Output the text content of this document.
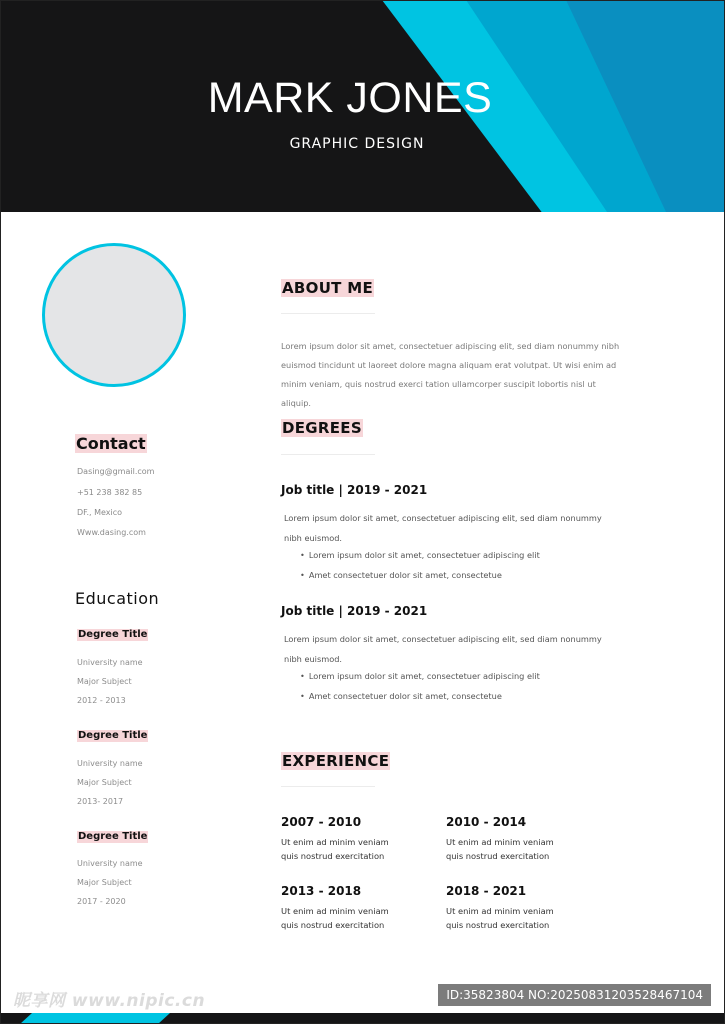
MARK JONES
GRAPHIC DESIGN
Contact
Dasing@gmail.com
+51 238 382 85
DF., Mexico
Www.dasing.com
Education
Degree Title
University name
Major Subject
2012 - 2013
Degree Title
University name
Major Subject
2013- 2017
Degree Title
University name
Major Subject
2017 - 2020
ABOUT ME
Lorem ipsum dolor sit amet, consectetuer adipiscing elit, sed diam nonummy nibh euismod tincidunt ut laoreet dolore magna aliquam erat volutpat. Ut wisi enim ad minim veniam, quis nostrud exerci tation ullamcorper suscipit lobortis nisl ut aliquip.
DEGREES
Job title | 2019 - 2021
Lorem ipsum dolor sit amet, consectetuer adipiscing elit, sed diam nonummy nibh euismod.
• Lorem ipsum dolor sit amet, consectetuer adipiscing elit
• Amet consectetuer dolor sit amet, consectetue
Job title | 2019 - 2021
Lorem ipsum dolor sit amet, consectetuer adipiscing elit, sed diam nonummy nibh euismod.
• Lorem ipsum dolor sit amet, consectetuer adipiscing elit
• Amet consectetuer dolor sit amet, consectetue
EXPERIENCE
2007 - 2010
Ut enim ad minim veniam quis nostrud exercitation
2010 - 2014
Ut enim ad minim veniam quis nostrud exercitation
2013 - 2018
Ut enim ad minim veniam quis nostrud exercitation
2018 - 2021
Ut enim ad minim veniam quis nostrud exercitation
昵享网 www.nipic.cn	ID:35823804 NO:20250831203528467104
